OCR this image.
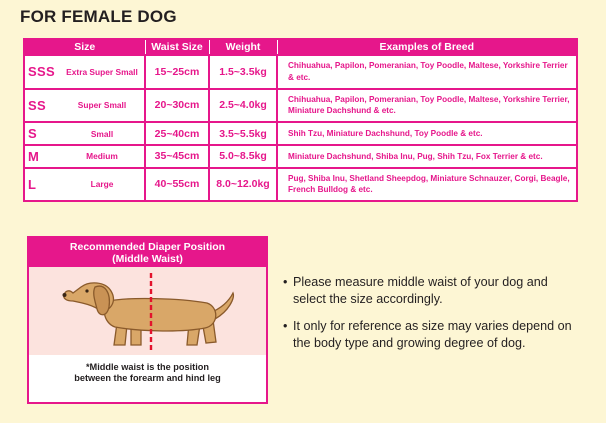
FOR FEMALE DOG
Size	Waist Size	Weight	Examples of Breed

SSS Extra Super Small	15~25cm	1.5~3.5kg	Chihuahua, Papilon, Pomeranian, Toy Poodle, Maltese, Yorkshire Terrier & etc.

SS Super Small	20~30cm	2.5~4.0kg	Chihuahua, Papilon, Pomeranian, Toy Poodle, Maltese, Yorkshire Terrier, Miniature Dachshund & etc.

S Small	25~40cm	3.5~5.5kg	Shih Tzu, Miniature Dachshund, Toy Poodle & etc.

M Medium	35~45cm	5.0~8.5kg	Miniature Dachshund, Shiba Inu, Pug, Shih Tzu, Fox Terrier & etc.

L Large	40~55cm	8.0~12.0kg	Pug, Shiba Inu, Shetland Sheepdog, Miniature Schnauzer, Corgi, Beagle, French Bulldog & etc.
Recommended Diaper Position
(Middle Waist)
*Middle waist is the position
between the forearm and hind leg
• Please measure middle waist of your dog and select the size accordingly.
• It only for reference as size may varies depend on the body type and growing degree of dog.
